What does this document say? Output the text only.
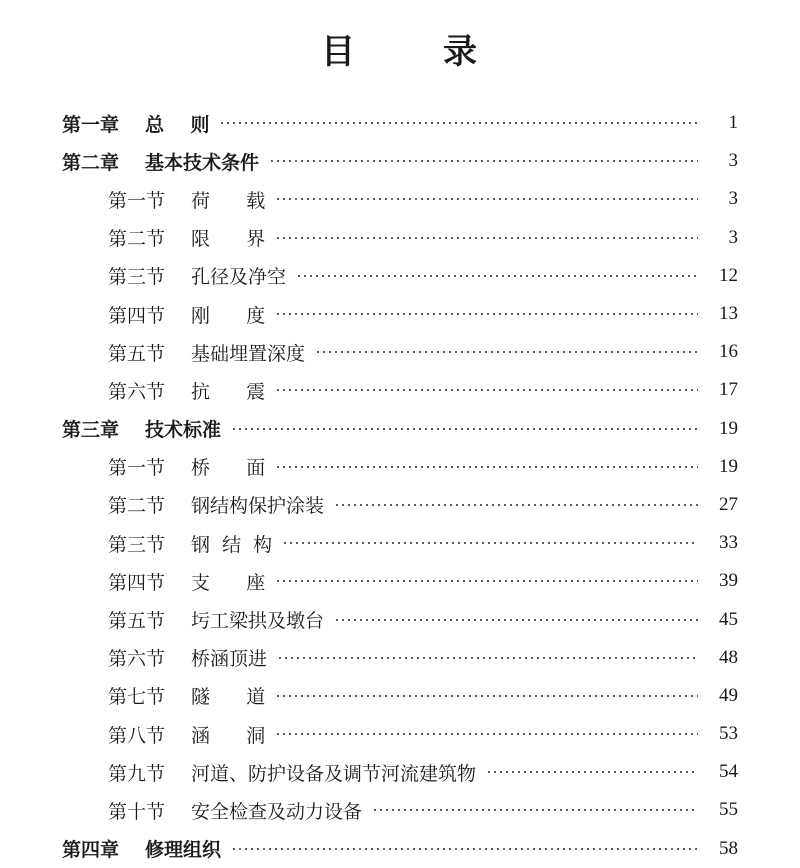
目	录
第一章 总    则	1
第二章 基本技术条件	3
第一节 荷      载	3
第二节 限      界	3
第三节 孔径及净空	12
第四节 刚      度	13
第五节 基础埋置深度	16
第六节 抗      震	17
第三章 技术标准	19
第一节 桥      面	19
第二节 钢结构保护涂装	27
第三节 钢  结  构	33
第四节 支      座	39
第五节 圬工梁拱及墩台	45
第六节 桥涵顶进	48
第七节 隧      道	49
第八节 涵      洞	53
第九节 河道、防护设备及调节河流建筑物	54
第十节 安全检查及动力设备	55
第四章 修理组织	58
